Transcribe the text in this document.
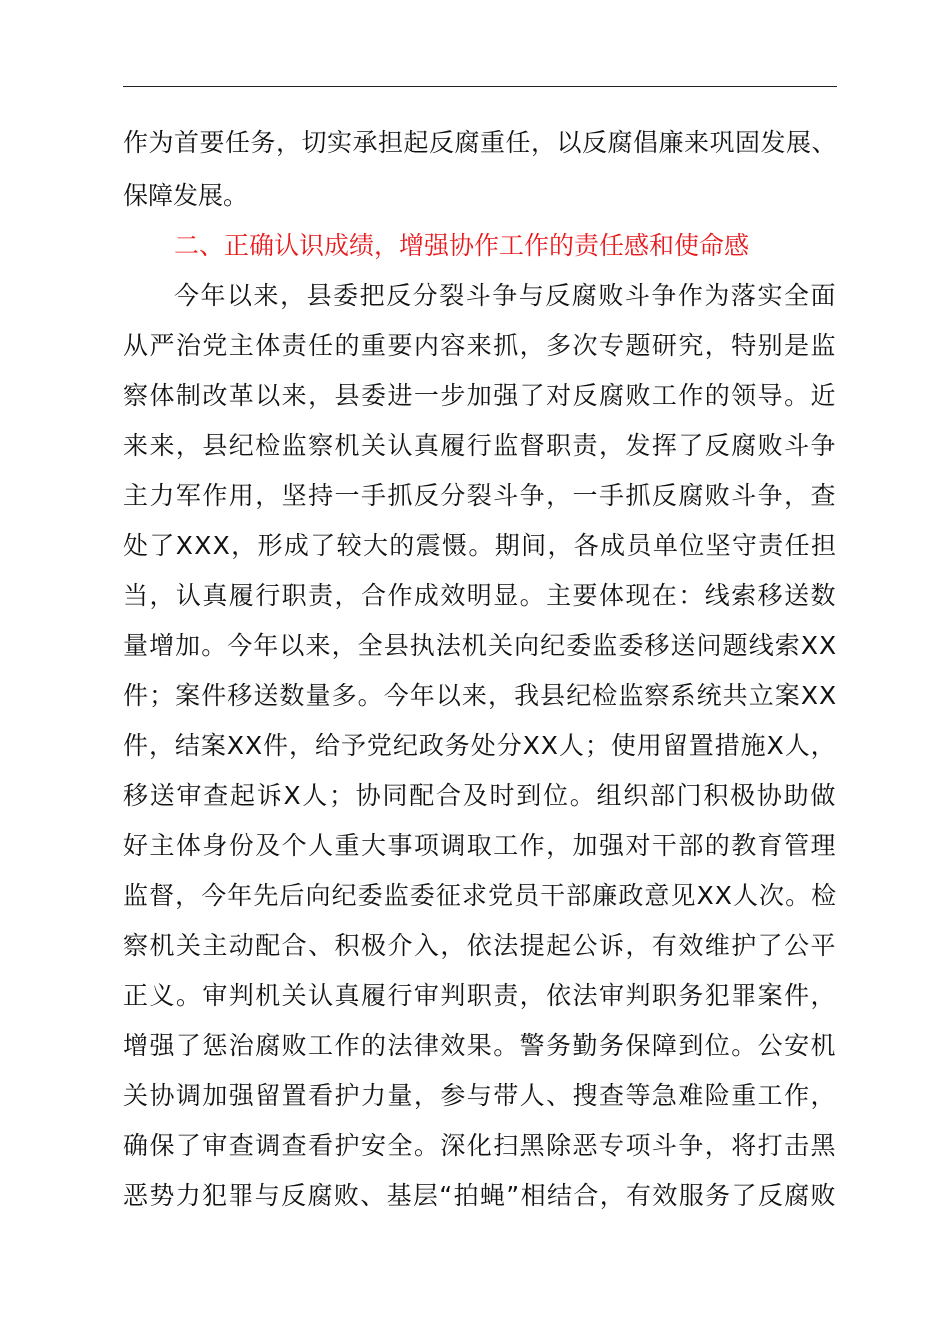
作为首要任务，切实承担起反腐重任，以反腐倡廉来巩固发展、
保障发展。
二、正确认识成绩，增强协作工作的责任感和使命感
今年以来，县委把反分裂斗争与反腐败斗争作为落实全面
从严治党主体责任的重要内容来抓，多次专题研究，特别是监
察体制改革以来，县委进一步加强了对反腐败工作的领导。近
来来，县纪检监察机关认真履行监督职责，发挥了反腐败斗争
主力军作用，坚持一手抓反分裂斗争，一手抓反腐败斗争，查
处了XXX，形成了较大的震慑。期间，各成员单位坚守责任担
当，认真履行职责，合作成效明显。主要体现在：线索移送数
量增加。今年以来，全县执法机关向纪委监委移送问题线索XX
件；案件移送数量多。今年以来，我县纪检监察系统共立案XX
件，结案XX件，给予党纪政务处分XX人；使用留置措施X人，
移送审查起诉X人；协同配合及时到位。组织部门积极协助做
好主体身份及个人重大事项调取工作，加强对干部的教育管理
监督，今年先后向纪委监委征求党员干部廉政意见XX人次。检
察机关主动配合、积极介入，依法提起公诉，有效维护了公平
正义。审判机关认真履行审判职责，依法审判职务犯罪案件，
增强了惩治腐败工作的法律效果。警务勤务保障到位。公安机
关协调加强留置看护力量，参与带人、搜查等急难险重工作，
确保了审查调查看护安全。深化扫黑除恶专项斗争，将打击黑
恶势力犯罪与反腐败、基层“拍蝇”相结合，有效服务了反腐败
